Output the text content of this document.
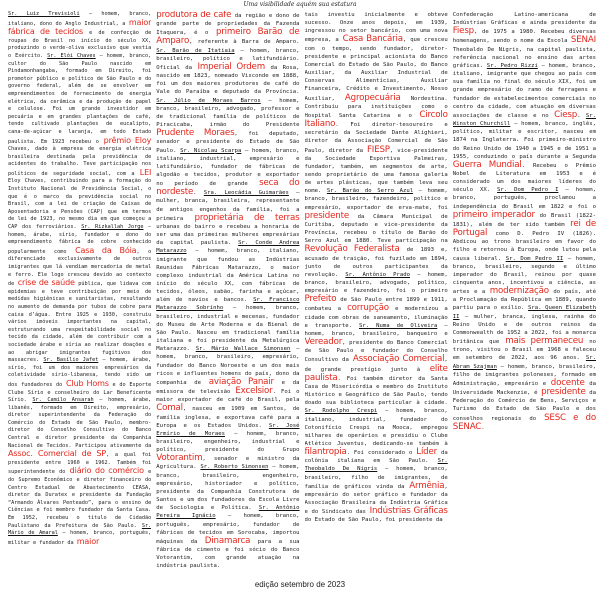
Uma visibilidade aquém sua estatura
Sr. Luiz Trevisioli – homem, branco, italiano, dono do Anglo Industrial, a maior fábrica de tecidos e de confecção de roupas do Brasil no início do século XX, produzindo o verde-oliva exclusivo que vestia o Exército. Sr. Elói Chaves – homem, branco, cultor do São Paulo nascido em Pindamonhangaba, formado em Direito, foi promotor público e político de São Paulo e do governo federal, além de se envolver em empreendimentos de fornecimento de energia elétrica, da cerâmica e da produção de papel e celulose. Foi um grande investidor em pecuária e em grandes plantações de café, tendo cultivado plantações de eucalipto, cana-de-açúcar e laranja, em todo Estado paulista. Em 1923 recebeu o prêmio Eloy Chaves, dado à empresa de energia elétrica brasileira destinada pela previdência de acidentes do trabalho. Teve participação nos políticos de seguridade social, com a LEI Eloy Chaves, contribuindo para a formação do Instituto Nacional de Previdência Social, o que é o marco da previdência social no Brasil, com a lei de criação de Caixas de Aposentadoria e Pensões (CAP) que em termos de lei de 1923, no mesmo dia em que começou a CAP dos ferroviários. Sr. Rizkallah Jorge – homem, árabe, sírio, fundador e dono do empreendimento fábrica de cobre conhecido popularmente como Casa da Bóia, o diferenciado exclusivamente de outros imigrantes que lá vendiam mercadoria de metal e ferro. Ele logo cresceu devido ao contexto de crise de saúde pública, que lidava com epidemias e teve contribuição por meio de medidas higiênicas e sanitaristas, resultando no aumento de demanda por tubos de cobre para caixa d’água. Entre 1925 e 1930, construiu vários imóveis importantes na capital, estruturando uma respeitabilidade social no tecido da cidade, além de contribuir com a sociedade árabe e síria ao realizar doações e ao abrigar imigrantes fugitivos dos massacres. Sr. Basílio Jafet – homem, árabe, sírio, foi um dos maiores empresários da coletividade sírio-libanesa, tendo sido um dos fundadores do Club Homs e do Esporte Clube Sírio e conselheiro do Lar Beneficente Sírio. Sr. Camilo Ansarah – homem, árabe, libanês, formado em Direito, empresário, diretor superintendente da Federação do Comércio do Estado de São Paulo, membro-diretor do Conselho Consultivo do Banco Central e diretor presidente da Companhia Nacional de Tecidos. Participou ativamente da Assoc. Comercial de SP, a qual foi presidente entre 1960 e 1962. Também foi superintendente do diário do comércio e do Supremo Econômico e diretor financeiro do Centro Estadual de Abastecimento CEASA, diretor da Duratex e presidente da Fundação “Armando Álvares Penteado”, para o ensino de Ciências e foi membro fundador da Santa Casa. Em 1952, recebeu o título de Cidadão Paulistano da Prefeitura de São Paulo. Sr. Mário de Amaral – homem, branco, português, militar e fundador da maior
produtora de café da região e dono de grande parte de propriedades da Fazenda Itaquera, é o primeiro Barão de Amparo, referente à Barra de Amparo. Sr. Barão de Itatiaia – homem, branco, brasileiro, político e latifundiário. Oficial da Imperial Ordem da Rosa, nascido em 1823, nomeado Visconde em 1888, foi um dos maiores produtores de café do Vale do Paraíba e deputado da Província. Sr. Júlio de Moraes Barros – homem, branco, brasileiro, advogado, professor e de tradicional família de políticos de Piracicaba, irmão do Presidente Prudente Moraes, foi deputado, senador e presidente do Estado de São Paulo. Sr. Nicolau Scarpa – homem, branco, italiano, industrial, empresário e latifundiário, fundador de fábricas de algodão e tecidos, produtor e exportador no período de grande seca do nordeste. Sra. Leocádia Guimarães – mulher, branca, brasileira, representante de antigos engenhos da família, foi a primeira proprietária de terras urbanas do bairro e recebeu a honraria de ser uma das primeiras mulheres empresárias da capital paulista. Sr. Conde Andrea Matarazzo – homem, branco, italiano, imigrante que fundou as Indústrias Reunidas Fábricas Matarazzo, o maior complexo industrial da América Latina no início do século XX, com fábricas de tecidos, óleos, sabão, farinha e açúcar, além de navios e bancos. Sr. Francisco Matarazzo Sobrinho – homem, branco, brasileiro, industrial e mecenas, fundador do Museu de Arte Moderna e da Bienal de São Paulo. Nasceu em tradicional família italiana e foi presidente da Metalúrgica Matarazzo. Sr. Mário Wallace Simonsen – homem, branco, brasileiro, empresário, fundador do Banco Noroeste e um dos mais ricos e influentes homens do país, dono da companhia de aviação Panair e da emissora de televisão Excelsior. Foi o maior exportador de café do Brasil, pela Comal, nasceu em 1909 em Santos, de família inglesa, e exportava café para a Europa e os Estados Unidos. Sr. José Ermírio de Moraes – homem, branco, brasileiro, engenheiro, industrial e político, presidente do Grupo Votorantim, senador e ministro da Agricultura. Sr. Roberto Simonsen – homem, branco, brasileiro, engenheiro, empresário, historiador e político, presidente da Companhia Construtora de Santos e um dos fundadores da Escola Livre de Sociologia e Política. Sr. Antônio Pereira Ignácio – homem, branco, português, empresário, fundador de fábricas de tecidos em Sorocaba, importou máquinas da Dinamarca para a sua fábrica de cimento e foi sócio do Banco Votorantim, com grande atuação na indústria paulista.
tais investiu inicialmente e obteve sucesso. Onze anos depois, em 1939, ingressou no setor bancário, com uma nova empresa, a Casa Bancária, que cresceu com o tempo, sendo fundador, diretor-presidente e principal acionista do Banco Comercial do Estado de São Paulo, do Banco Auxiliar, da Auxiliar Industrial de Conservas Alimentícias, Auxiliar Financeira, Crédito e Investimento, Nosso Auxiliar, Agropecuária Nordestina. Contribuiu para instituições como o Hospital Santa Catarina e o Circolo Italiano. Foi diretor-tesoureiro e secretário da Sociedade Dante Alighieri, diretor da Associação Comercial de São Paulo, diretor da FIESP, vice-presidente da Sociedade Esportiva Palmeiras, fundador, também, em segmentos de arte, sendo proprietário de uma famosa galeria de artes plásticas, que também leva seu nome. Sr. Barão do Serro Azul – homem, branco, brasileiro, fazendeiro, político e empresário, exportador de erva-mate, foi presidente da Câmara Municipal de Curitiba, deputado e vice-presidente da Província, recebeu o título de Barão do Serro Azul em 1880. Teve participação na Revolução Federalista de 1893 e, acusado de traição, foi fuzilado em 1894, junto de outros participantes da revolução. Sr. Antônio Prado – homem, branco, brasileiro, advogado, político, empresário e fazendeiro, foi o primeiro Prefeito de São Paulo entre 1899 e 1911, combateu a corrupção e modernizou a cidade com obras de saneamento, iluminação e transporte. Sr. Numa de Oliveira – homem, branco, brasileiro, banqueiro e Vereador, presidente do Banco Comercial de São Paulo e fundador do Conselho Consultivo da Associação Comercial, de grande prestígio junto à elite paulista. Foi também diretor da Santa Casa de Misericórdia e membro do Instituto Histórico e Geográfico de São Paulo, tendo doado sua biblioteca particular à cidade. Sr. Rodolpho Crespi – homem, branco, italiano, industrial, fundador do Cotonifício Crespi na Mooca, empregou milhares de operários e presidiu o Clube Atlético Juventus, dedicando-se também à filantropia. Foi considerado o Líder da colônia italiana em São Paulo. Sr. Theobaldo De Nigris – homem, branco, brasileiro, filho de imigrantes, de família de gráficos vinda da Armênia, empresário do setor gráfico e fundador da Associação Brasileira da Indústria Gráfica e do Sindicato das Indústrias Gráficas do Estado de São Paulo, foi presidente da
Confederação Latino-americana de Indústrias Gráficas e ainda presidente da Fiesp, de 1975 a 1980. Recebeu diversas homenagens, sendo o nome da Escola SENAI Theobaldo De Nigris, na capital paulista, referência nacional no ensino das artes gráficas. Sr. Pedro Rizzi – homem, branco, italiano, imigrante que chegou ao país com sua família no final do século XIX, foi um grande empresário do ramo de ferragens e fundador de estabelecimentos comerciais no centro da cidade, com atuação em diversas associações de classe e no Ciesp. Sr. Winston Churchill – homem, branco, inglês, político, militar e escritor, nasceu em 1874 na Inglaterra. Foi primeiro-ministro do Reino Unido de 1940 a 1945 e de 1951 a 1955, conduzindo o país durante a Segunda Guerra Mundial. Recebeu o Prêmio Nobel de Literatura em 1953 e é considerado um dos maiores líderes do século XX. Sr. Dom Pedro I – homem, branco, português, proclamou a independência do Brasil em 1822 e foi o primeiro imperador do Brasil (1822-1831), além de ter sido também rei de Portugal como D. Pedro IV (1826). Abdicou ao trono brasileiro em favor do filho e retornou à Europa, onde lutou pela causa liberal. Sr. Dom Pedro II – homem, branco, brasileiro, segundo e último imperador do Brasil, reinou por quase cinquenta anos, incentivou a ciência, as artes e a modernização do país, até a Proclamação da República em 1889, quando partiu para o exílio. Sra. Queen Elizabeth II – mulher, branca, inglesa, rainha do Reino Unido e de outros reinos da Commonwealth de 1952 a 2022, foi a monarca britânica que mais permaneceu no trono, visitou o Brasil em 1968 e faleceu em setembro de 2022, aos 96 anos. Sr. Abram Szajman – homem, branco, brasileiro, filho de imigrantes poloneses, formado em Administração, empresário e docente da Universidade Mackenzie, é presidente da Federação do Comércio de Bens, Serviços e Turismo do Estado de São Paulo e dos conselhos regionais do SESC e do SENAC.
edição setembro de 2023
